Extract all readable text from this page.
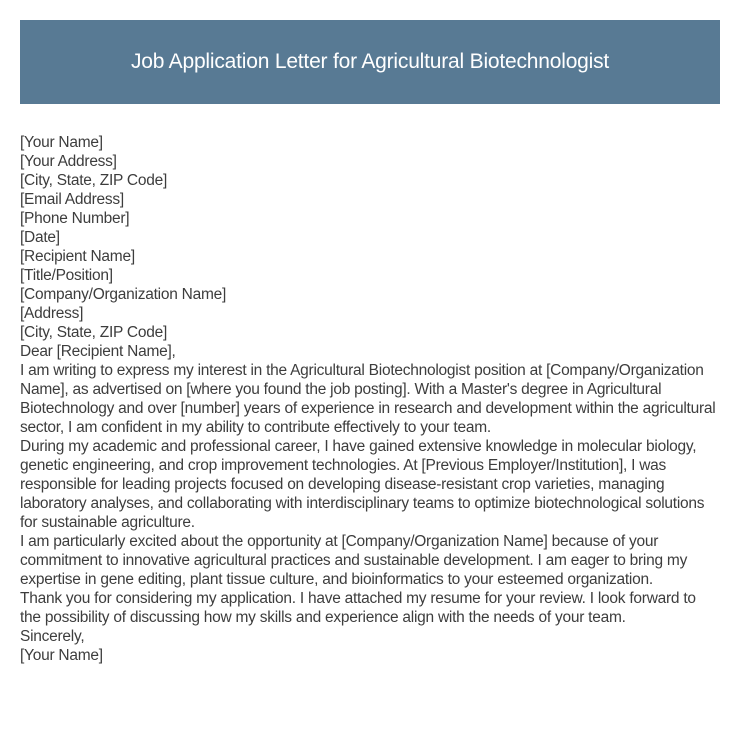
Job Application Letter for Agricultural Biotechnologist
[Your Name]
[Your Address]
[City, State, ZIP Code]
[Email Address]
[Phone Number]
[Date]
[Recipient Name]
[Title/Position]
[Company/Organization Name]
[Address]
[City, State, ZIP Code]
Dear [Recipient Name],

I am writing to express my interest in the Agricultural Biotechnologist position at [Company/Organization Name], as advertised on [where you found the job posting]. With a Master's degree in Agricultural Biotechnology and over [number] years of experience in research and development within the agricultural sector, I am confident in my ability to contribute effectively to your team.

During my academic and professional career, I have gained extensive knowledge in molecular biology, genetic engineering, and crop improvement technologies. At [Previous Employer/Institution], I was responsible for leading projects focused on developing disease-resistant crop varieties, managing laboratory analyses, and collaborating with interdisciplinary teams to optimize biotechnological solutions for sustainable agriculture.

I am particularly excited about the opportunity at [Company/Organization Name] because of your commitment to innovative agricultural practices and sustainable development. I am eager to bring my expertise in gene editing, plant tissue culture, and bioinformatics to your esteemed organization.

Thank you for considering my application. I have attached my resume for your review. I look forward to the possibility of discussing how my skills and experience align with the needs of your team.

Sincerely,
[Your Name]
